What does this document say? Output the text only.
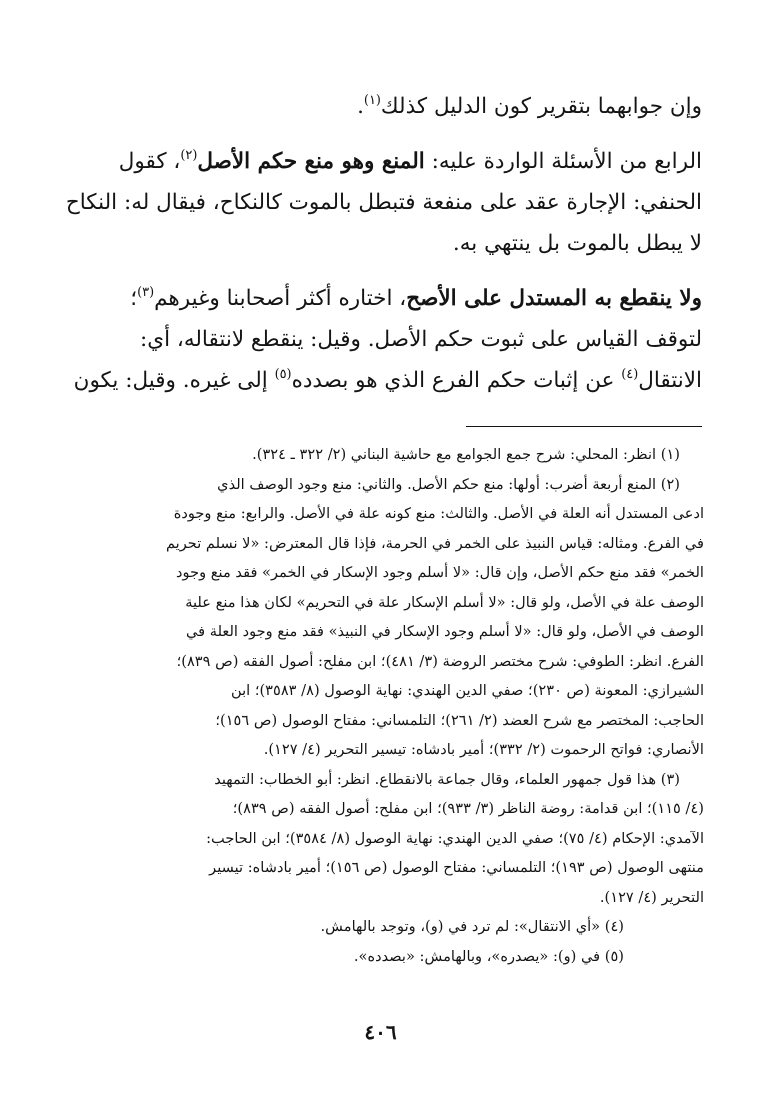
وإن جوابهما بتقرير كون الدليل كذلك$^{(١)}$.

الرابع من الأسئلة الواردة عليه: المنع وهو منع حكم الأصل$^{(٢)}$، كقول
الحنفي: الإجارة عقد على منفعة فتبطل بالموت كالنكاح، فيقال له: النكاح
لا يبطل بالموت بل ينتهي به.

ولا ينقطع به المستدل على الأصح، اختاره أكثر أصحابنا وغيرهم$^{(٣)}$؛
لتوقف القياس على ثبوت حكم الأصل. وقيل: ينقطع لانتقاله، أي:
الانتقال$^{(٤)}$ عن إثبات حكم الفرع الذي هو بصدده$^{(٥)}$ إلى غيره. وقيل: يكون

(١) انظر: المحلي: شرح جمع الجوامع مع حاشية البناني (٢/ ٣٢٢ ـ ٣٢٤).
(٢) المنع أربعة أضرب: أولها: منع حكم الأصل. والثاني: منع وجود الوصف الذي
ادعى المستدل أنه العلة في الأصل. والثالث: منع كونه علة في الأصل. والرابع: منع وجودة
في الفرع. ومثاله: قياس النبيذ على الخمر في الحرمة، فإذا قال المعترض: «لا نسلم تحريم
الخمر» فقد منع حكم الأصل، وإن قال: «لا أسلم وجود الإسكار في الخمر» فقد منع وجود
الوصف علة في الأصل، ولو قال: «لا أسلم الإسكار علة في التحريم» لكان هذا منع علية
الوصف في الأصل، ولو قال: «لا أسلم وجود الإسكار في النبيذ» فقد منع وجود العلة في
الفرع. انظر: الطوفي: شرح مختصر الروضة (٣/ ٤٨١)؛ ابن مفلح: أصول الفقه (ص ٨٣٩)؛
الشيرازي: المعونة (ص ٢٣٠)؛ صفي الدين الهندي: نهاية الوصول (٨/ ٣٥٨٣)؛ ابن
الحاجب: المختصر مع شرح العضد (٢/ ٢٦١)؛ التلمساني: مفتاح الوصول (ص ١٥٦)؛
الأنصاري: فواتح الرحموت (٢/ ٣٣٢)؛ أمير بادشاه: تيسير التحرير (٤/ ١٢٧).
(٣) هذا قول جمهور العلماء، وقال جماعة بالانقطاع. انظر: أبو الخطاب: التمهيد
(٤/ ١١٥)؛ ابن قدامة: روضة الناظر (٣/ ٩٣٣)؛ ابن مفلح: أصول الفقه (ص ٨٣٩)؛
الآمدي: الإحكام (٤/ ٧٥)؛ صفي الدين الهندي: نهاية الوصول (٨/ ٣٥٨٤)؛ ابن الحاجب:
منتهى الوصول (ص ١٩٣)؛ التلمساني: مفتاح الوصول (ص ١٥٦)؛ أمير بادشاه: تيسير
التحرير (٤/ ١٢٧).
(٤) «أي الانتقال»: لم ترد في (و)، وتوجد بالهامش.
(٥) في (و): «يصدره»، وبالهامش: «بصدده».
٤٠٦
